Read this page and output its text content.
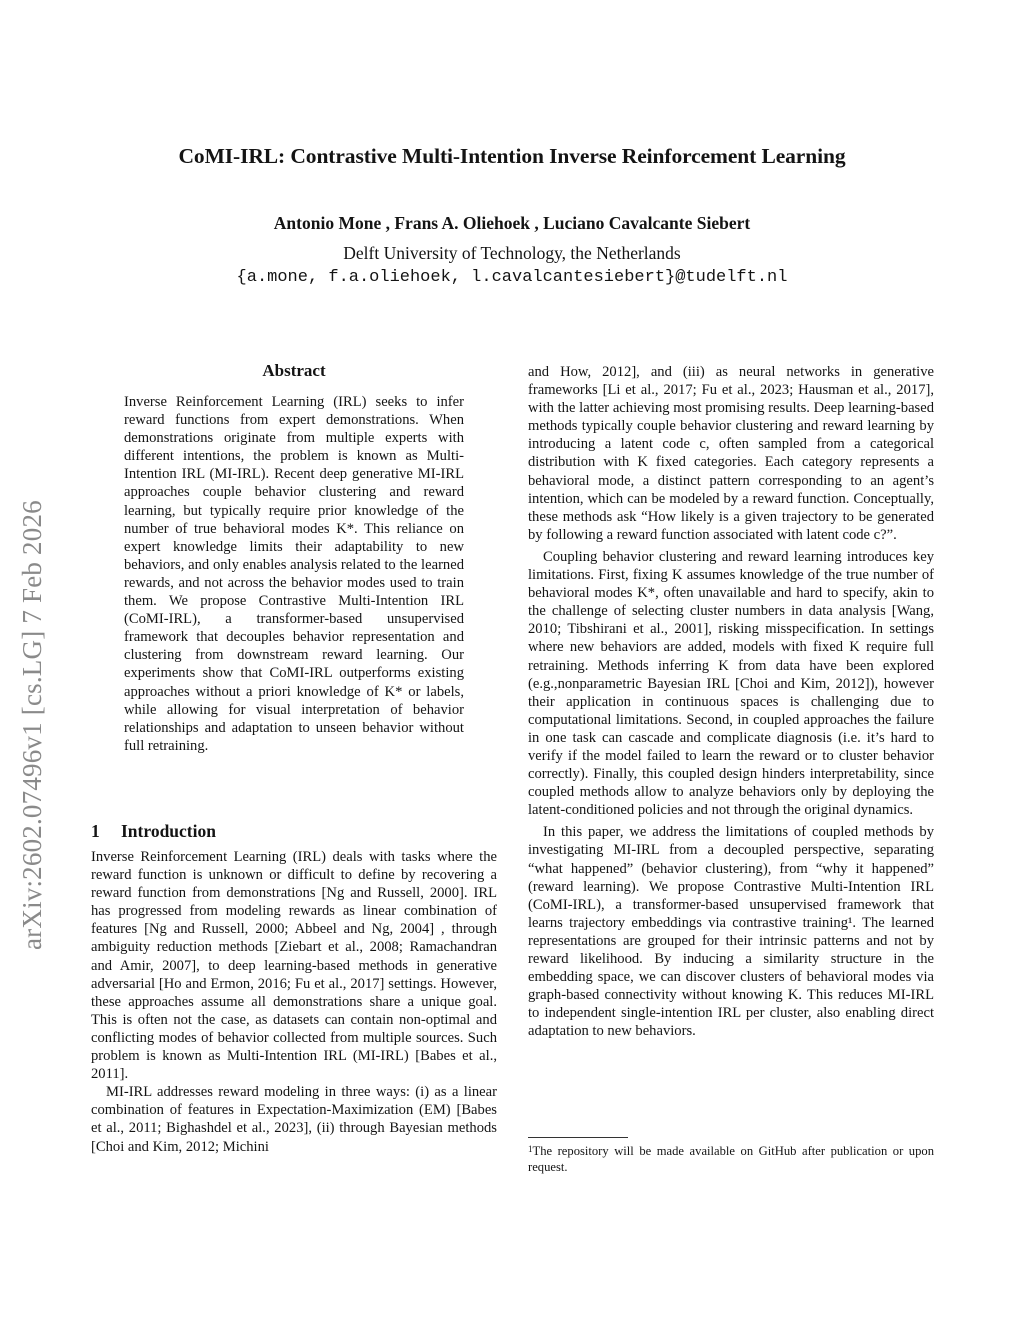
CoMI-IRL: Contrastive Multi-Intention Inverse Reinforcement Learning
Antonio Mone , Frans A. Oliehoek , Luciano Cavalcante Siebert
Delft University of Technology, the Netherlands
{a.mone, f.a.oliehoek, l.cavalcantesiebert}@tudelft.nl
arXiv:2602.07496v1 [cs.LG] 7 Feb 2026
Abstract
Inverse Reinforcement Learning (IRL) seeks to infer reward functions from expert demonstrations. When demonstrations originate from multiple experts with different intentions, the problem is known as Multi-Intention IRL (MI-IRL). Recent deep generative MI-IRL approaches couple behavior clustering and reward learning, but typically require prior knowledge of the number of true behavioral modes K*. This reliance on expert knowledge limits their adaptability to new behaviors, and only enables analysis related to the learned rewards, and not across the behavior modes used to train them. We propose Contrastive Multi-Intention IRL (CoMI-IRL), a transformer-based unsupervised framework that decouples behavior representation and clustering from downstream reward learning. Our experiments show that CoMI-IRL outperforms existing approaches without a priori knowledge of K* or labels, while allowing for visual interpretation of behavior relationships and adaptation to unseen behavior without full retraining.
1 Introduction

Inverse Reinforcement Learning (IRL) deals with tasks where the reward function is unknown or difficult to define by recovering a reward function from demonstrations [Ng and Russell, 2000]. IRL has progressed from modeling rewards as linear combination of features [Ng and Russell, 2000; Abbeel and Ng, 2004] , through ambiguity reduction methods [Ziebart et al., 2008; Ramachandran and Amir, 2007], to deep learning-based methods in generative adversarial [Ho and Ermon, 2016; Fu et al., 2017] settings. However, these approaches assume all demonstrations share a unique goal. This is often not the case, as datasets can contain non-optimal and conflicting modes of behavior collected from multiple sources. Such problem is known as Multi-Intention IRL (MI-IRL) [Babes et al., 2011].

MI-IRL addresses reward modeling in three ways: (i) as a linear combination of features in Expectation-Maximization (EM) [Babes et al., 2011; Bighashdel et al., 2023], (ii) through Bayesian methods [Choi and Kim, 2012; Michini

and How, 2012], and (iii) as neural networks in generative frameworks [Li et al., 2017; Fu et al., 2023; Hausman et al., 2017], with the latter achieving most promising results. Deep learning-based methods typically couple behavior clustering and reward learning by introducing a latent code c, often sampled from a categorical distribution with K fixed categories. Each category represents a behavioral mode, a distinct pattern corresponding to an agent’s intention, which can be modeled by a reward function. Conceptually, these methods ask “How likely is a given trajectory to be generated by following a reward function associated with latent code c?”.

Coupling behavior clustering and reward learning introduces key limitations. First, fixing K assumes knowledge of the true number of behavioral modes K*, often unavailable and hard to specify, akin to the challenge of selecting cluster numbers in data analysis [Wang, 2010; Tibshirani et al., 2001], risking misspecification. In settings where new behaviors are added, models with fixed K require full retraining. Methods inferring K from data have been explored (e.g.,nonparametric Bayesian IRL [Choi and Kim, 2012]), however their application in continuous spaces is challenging due to computational limitations. Second, in coupled approaches the failure in one task can cascade and complicate diagnosis (i.e. it’s hard to verify if the model failed to learn the reward or to cluster behavior correctly). Finally, this coupled design hinders interpretability, since coupled methods allow to analyze behaviors only by deploying the latent-conditioned policies and not through the original dynamics.

In this paper, we address the limitations of coupled methods by investigating MI-IRL from a decoupled perspective, separating “what happened” (behavior clustering), from “why it happened” (reward learning). We propose Contrastive Multi-Intention IRL (CoMI-IRL), a transformer-based unsupervised framework that learns trajectory embeddings via contrastive training¹. The learned representations are grouped for their intrinsic patterns and not by reward likelihood. By inducing a similarity structure in the embedding space, we can discover clusters of behavioral modes via graph-based connectivity without knowing K. This reduces MI-IRL to independent single-intention IRL per cluster, also enabling direct adaptation to new behaviors.

$^1$The repository will be made available on GitHub after publication or upon request.
